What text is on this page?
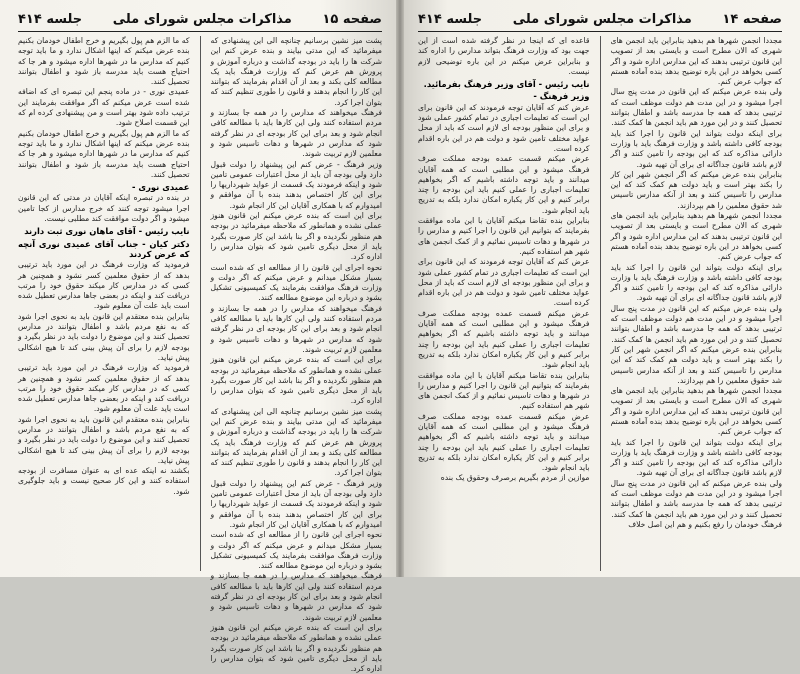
صفحه ۱۵
مذاکرات مجلس شورای ملی
جلسه ۴۱۴

پشت میز نشین برسانیم چنانچه الی این پیشنهادی که میفرمائید که این مدتی بیایند و بنده عرض کنم این شرکت ها را باید در بودجه گذاشت و درباره آموزش و پرورش هم عرض کنم که وزارت فرهنگ باید یک مطالعه کلی بکند و بعد از آن اقدام بفرمایند که بتوانند این کار را انجام بدهند و قانون را طوری تنظیم کنند که بتوان اجرا کرد.

فرهنگ میخواهند که مدارس را در همه جا بسازند و مردم استفاده کنند ولی این کارها باید با مطالعه کافی انجام شود و بعد برای این کار بودجه ای در نظر گرفته شود که مدارس در شهرها و دهات تاسیس شود و معلمین لازم تربیت شوند.

وزیر فرهنگ - عرض کنم این پیشنهاد را دولت قبول دارد ولی بودجه آن باید از محل اعتبارات عمومی تامین شود و اینکه فرمودند یک قسمت از عواید شهرداریها را برای این کار اختصاص بدهند بنده با آن موافقم و امیدوارم که با همکاری آقایان این کار انجام شود.

برای این است که بنده عرض میکنم این قانون هنوز عملی نشده و همانطور که ملاحظه میفرمائید در بودجه هم منظور نگردیده و اگر بنا باشد این کار صورت بگیرد باید از محل دیگری تامین شود که بتوان مدارس را اداره کرد.

نحوه اجرای این قانون را از مطالعه ای که شده است بسیار مشکل میدانم و عرض میکنم که اگر دولت و وزارت فرهنگ موافقت بفرمایند یک کمیسیونی تشکیل بشود و درباره این موضوع مطالعه کنند.

فرهنگ میخواهند که مدارس را در همه جا بسازند و مردم استفاده کنند ولی این کارها باید با مطالعه کافی انجام شود و بعد برای این کار بودجه ای در نظر گرفته شود که مدارس در شهرها و دهات تاسیس شود و معلمین لازم تربیت شوند.

برای این است که بنده عرض میکنم این قانون هنوز عملی نشده و همانطور که ملاحظه میفرمائید در بودجه هم منظور نگردیده و اگر بنا باشد این کار صورت بگیرد باید از محل دیگری تامین شود که بتوان مدارس را اداره کرد.

پشت میز نشین برسانیم چنانچه الی این پیشنهادی که میفرمائید که این مدتی بیایند و بنده عرض کنم این شرکت ها را باید در بودجه گذاشت و درباره آموزش و پرورش هم عرض کنم که وزارت فرهنگ باید یک مطالعه کلی بکند و بعد از آن اقدام بفرمایند که بتوانند این کار را انجام بدهند و قانون را طوری تنظیم کنند که بتوان اجرا کرد.

وزیر فرهنگ - عرض کنم این پیشنهاد را دولت قبول دارد ولی بودجه آن باید از محل اعتبارات عمومی تامین شود و اینکه فرمودند یک قسمت از عواید شهرداریها را برای این کار اختصاص بدهند بنده با آن موافقم و امیدوارم که با همکاری آقایان این کار انجام شود.

نحوه اجرای این قانون را از مطالعه ای که شده است بسیار مشکل میدانم و عرض میکنم که اگر دولت و وزارت فرهنگ موافقت بفرمایند یک کمیسیونی تشکیل بشود و درباره این موضوع مطالعه کنند.

فرهنگ میخواهند که مدارس را در همه جا بسازند و مردم استفاده کنند ولی این کارها باید با مطالعه کافی انجام شود و بعد برای این کار بودجه ای در نظر گرفته شود که مدارس در شهرها و دهات تاسیس شود و معلمین لازم تربیت شوند.

برای این است که بنده عرض میکنم این قانون هنوز عملی نشده و همانطور که ملاحظه میفرمائید در بودجه هم منظور نگردیده و اگر بنا باشد این کار صورت بگیرد باید از محل دیگری تامین شود که بتوان مدارس را اداره کرد.

که ما الزم هم پول بگیریم و خرج اطفال خودمان بکنیم بنده عرض میکنم که اینها اشکال ندارد و ما باید توجه کنیم که مدارس ما در شهرها اداره میشود و هر جا که احتیاج هست باید مدرسه باز شود و اطفال بتوانند تحصیل کنند.

عمیدی نوری - در ماده پنجم این تبصره ای که اضافه شده است عرض میکنم که اگر موافقت بفرمایند این ترتیب داده شود بهتر است و من پیشنهادی کرده ام که این قسمت اصلاح شود.

که ما الزم هم پول بگیریم و خرج اطفال خودمان بکنیم بنده عرض میکنم که اینها اشکال ندارد و ما باید توجه کنیم که مدارس ما در شهرها اداره میشود و هر جا که احتیاج هست باید مدرسه باز شود و اطفال بتوانند تحصیل کنند.

عمیدی نوری -

در بنده در تبصره اینکه آقایان در مدتی که این قانون اجرا میشود توجه کنند که خرج مدارس از کجا تامین میشود و اگر دولت موافقت کند مطلبی نیست.

نایب رئیس - آقای ماهان نوری ثبت دارند
دکتر کیان - جناب آقای عمیدی نوری آنچه که عرض کردند

فرمودید که وزارت فرهنگ در این مورد باید ترتیبی بدهد که از حقوق معلمین کسر نشود و همچنین هر کسی که در مدارس کار میکند حقوق خود را مرتب دریافت کند و اینکه در بعضی جاها مدارس تعطیل شده است باید علت آن معلوم شود.

بنابراین بنده معتقدم این قانون باید به نحوی اجرا شود که به نفع مردم باشد و اطفال بتوانند در مدارس تحصیل کنند و این موضوع را دولت باید در نظر بگیرد و بودجه لازم را برای آن پیش بینی کند تا هیچ اشکالی پیش نیاید.

فرمودید که وزارت فرهنگ در این مورد باید ترتیبی بدهد که از حقوق معلمین کسر نشود و همچنین هر کسی که در مدارس کار میکند حقوق خود را مرتب دریافت کند و اینکه در بعضی جاها مدارس تعطیل شده است باید علت آن معلوم شود.

بنابراین بنده معتقدم این قانون باید به نحوی اجرا شود که به نفع مردم باشد و اطفال بتوانند در مدارس تحصیل کنند و این موضوع را دولت باید در نظر بگیرد و بودجه لازم را برای آن پیش بینی کند تا هیچ اشکالی پیش نیاید.

بکشند نه اینکه عده ای به عنوان مسافرت از بودجه استفاده کنند و این کار صحیح نیست و باید جلوگیری شود.

صفحه ۱۴
مذاکرات مجلس شورای ملی
جلسه ۴۱۴

مجددا انجمن شهرها هم بدهید بنابراین باید انجمن های شهری که الان مطرح است و بایستی بعد از تصویب این قانون ترتیبی بدهند که این مدارس اداره شود و اگر کسی بخواهد در این باره توضیح بدهد بنده آماده هستم که جواب عرض کنم.

ولی بنده عرض میکنم که این قانون در مدت پنج سال اجرا میشود و در این مدت هم دولت موظف است که ترتیبی بدهد که همه جا مدرسه باشد و اطفال بتوانند تحصیل کنند و در این مورد هم باید انجمن ها کمک کنند.

برای اینکه دولت بتواند این قانون را اجرا کند باید بودجه کافی داشته باشد و وزارت فرهنگ باید با وزارت دارائی مذاکره کند که این بودجه را تامین کنند و اگر لازم باشد قانون جداگانه ای برای آن تهیه شود.

بنابراین بنده عرض میکنم که اگر انجمن شهر این کار را بکند بهتر است و باید دولت هم کمک کند که این مدارس را تاسیس کنند و بعد از آنکه مدارس تاسیس شد حقوق معلمین را هم بپردازند.

مجددا انجمن شهرها هم بدهید بنابراین باید انجمن های شهری که الان مطرح است و بایستی بعد از تصویب این قانون ترتیبی بدهند که این مدارس اداره شود و اگر کسی بخواهد در این باره توضیح بدهد بنده آماده هستم که جواب عرض کنم.

برای اینکه دولت بتواند این قانون را اجرا کند باید بودجه کافی داشته باشد و وزارت فرهنگ باید با وزارت دارائی مذاکره کند که این بودجه را تامین کنند و اگر لازم باشد قانون جداگانه ای برای آن تهیه شود.

ولی بنده عرض میکنم که این قانون در مدت پنج سال اجرا میشود و در این مدت هم دولت موظف است که ترتیبی بدهد که همه جا مدرسه باشد و اطفال بتوانند تحصیل کنند و در این مورد هم باید انجمن ها کمک کنند.

بنابراین بنده عرض میکنم که اگر انجمن شهر این کار را بکند بهتر است و باید دولت هم کمک کند که این مدارس را تاسیس کنند و بعد از آنکه مدارس تاسیس شد حقوق معلمین را هم بپردازند.

مجددا انجمن شهرها هم بدهید بنابراین باید انجمن های شهری که الان مطرح است و بایستی بعد از تصویب این قانون ترتیبی بدهند که این مدارس اداره شود و اگر کسی بخواهد در این باره توضیح بدهد بنده آماده هستم که جواب عرض کنم.

برای اینکه دولت بتواند این قانون را اجرا کند باید بودجه کافی داشته باشد و وزارت فرهنگ باید با وزارت دارائی مذاکره کند که این بودجه را تامین کنند و اگر لازم باشد قانون جداگانه ای برای آن تهیه شود.

ولی بنده عرض میکنم که این قانون در مدت پنج سال اجرا میشود و در این مدت هم دولت موظف است که ترتیبی بدهد که همه جا مدرسه باشد و اطفال بتوانند تحصیل کنند و در این مورد هم باید انجمن ها کمک کنند.

فرهنگ خودمان را رفع بکنیم و هم این اصل خلاف

قاعده ای که اینجا در نظر گرفته شده است از این جهت بود که وزارت فرهنگ بتواند مدارس را اداره کند و بنابراین عرض میکنم در این باره توضیحی لازم نیست.

نایب رئیس - آقای وزیر فرهنگ بفرمائید.
وزیر فرهنگ -

عرض کنم که آقایان توجه فرمودند که این قانون برای این است که تعلیمات اجباری در تمام کشور عملی شود و برای این منظور بودجه ای لازم است که باید از محل عواید مختلف تامین شود و دولت هم در این باره اقدام کرده است.

عرض میکنم قسمت عمده بودجه مملکت صرف فرهنگ میشود و این مطلبی است که همه آقایان میدانند و باید توجه داشته باشیم که اگر بخواهیم تعلیمات اجباری را عملی کنیم باید این بودجه را چند برابر کنیم و این کار یکباره امکان ندارد بلکه به تدریج باید انجام شود.

بنابراین بنده تقاضا میکنم آقایان با این ماده موافقت بفرمایند که بتوانیم این قانون را اجرا کنیم و مدارس را در شهرها و دهات تاسیس نمائیم و از کمک انجمن های شهر هم استفاده کنیم.

عرض کنم که آقایان توجه فرمودند که این قانون برای این است که تعلیمات اجباری در تمام کشور عملی شود و برای این منظور بودجه ای لازم است که باید از محل عواید مختلف تامین شود و دولت هم در این باره اقدام کرده است.

عرض میکنم قسمت عمده بودجه مملکت صرف فرهنگ میشود و این مطلبی است که همه آقایان میدانند و باید توجه داشته باشیم که اگر بخواهیم تعلیمات اجباری را عملی کنیم باید این بودجه را چند برابر کنیم و این کار یکباره امکان ندارد بلکه به تدریج باید انجام شود.

بنابراین بنده تقاضا میکنم آقایان با این ماده موافقت بفرمایند که بتوانیم این قانون را اجرا کنیم و مدارس را در شهرها و دهات تاسیس نمائیم و از کمک انجمن های شهر هم استفاده کنیم.

عرض میکنم قسمت عمده بودجه مملکت صرف فرهنگ میشود و این مطلبی است که همه آقایان میدانند و باید توجه داشته باشیم که اگر بخواهیم تعلیمات اجباری را عملی کنیم باید این بودجه را چند برابر کنیم و این کار یکباره امکان ندارد بلکه به تدریج باید انجام شود.

موازین از مردم بگیریم برصرف وحقوق یک بنده
